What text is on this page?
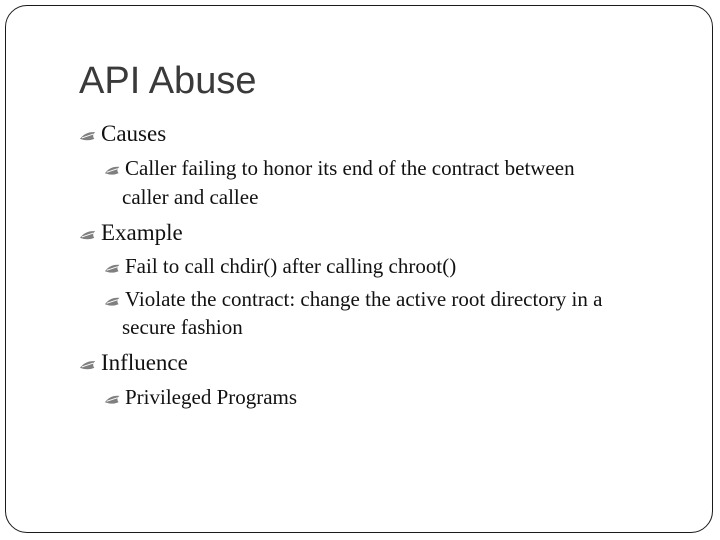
API Abuse
Causes
Caller failing to honor its end of the contract between
caller and callee
Example
Fail to call chdir() after calling chroot()
Violate the contract: change the active root directory in a
secure fashion
Influence
Privileged Programs
